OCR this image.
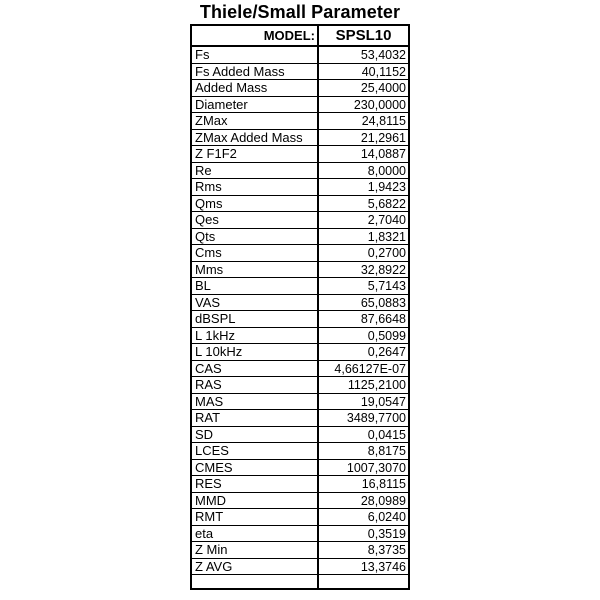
Thiele/Small Parameter
MODEL:	SPSL10
Fs	53,4032
Fs Added Mass	40,1152
Added Mass	25,4000
Diameter	230,0000
ZMax	24,8115
ZMax Added Mass	21,2961
Z F1F2	14,0887
Re	8,0000
Rms	1,9423
Qms	5,6822
Qes	2,7040
Qts	1,8321
Cms	0,2700
Mms	32,8922
BL	5,7143
VAS	65,0883
dBSPL	87,6648
L 1kHz	0,5099
L 10kHz	0,2647
CAS	4,66127E-07
RAS	1125,2100
MAS	19,0547
RAT	3489,7700
SD	0,0415
LCES	8,8175
CMES	1007,3070
RES	16,8115
MMD	28,0989
RMT	6,0240
eta	0,3519
Z Min	8,3735
Z AVG	13,3746
